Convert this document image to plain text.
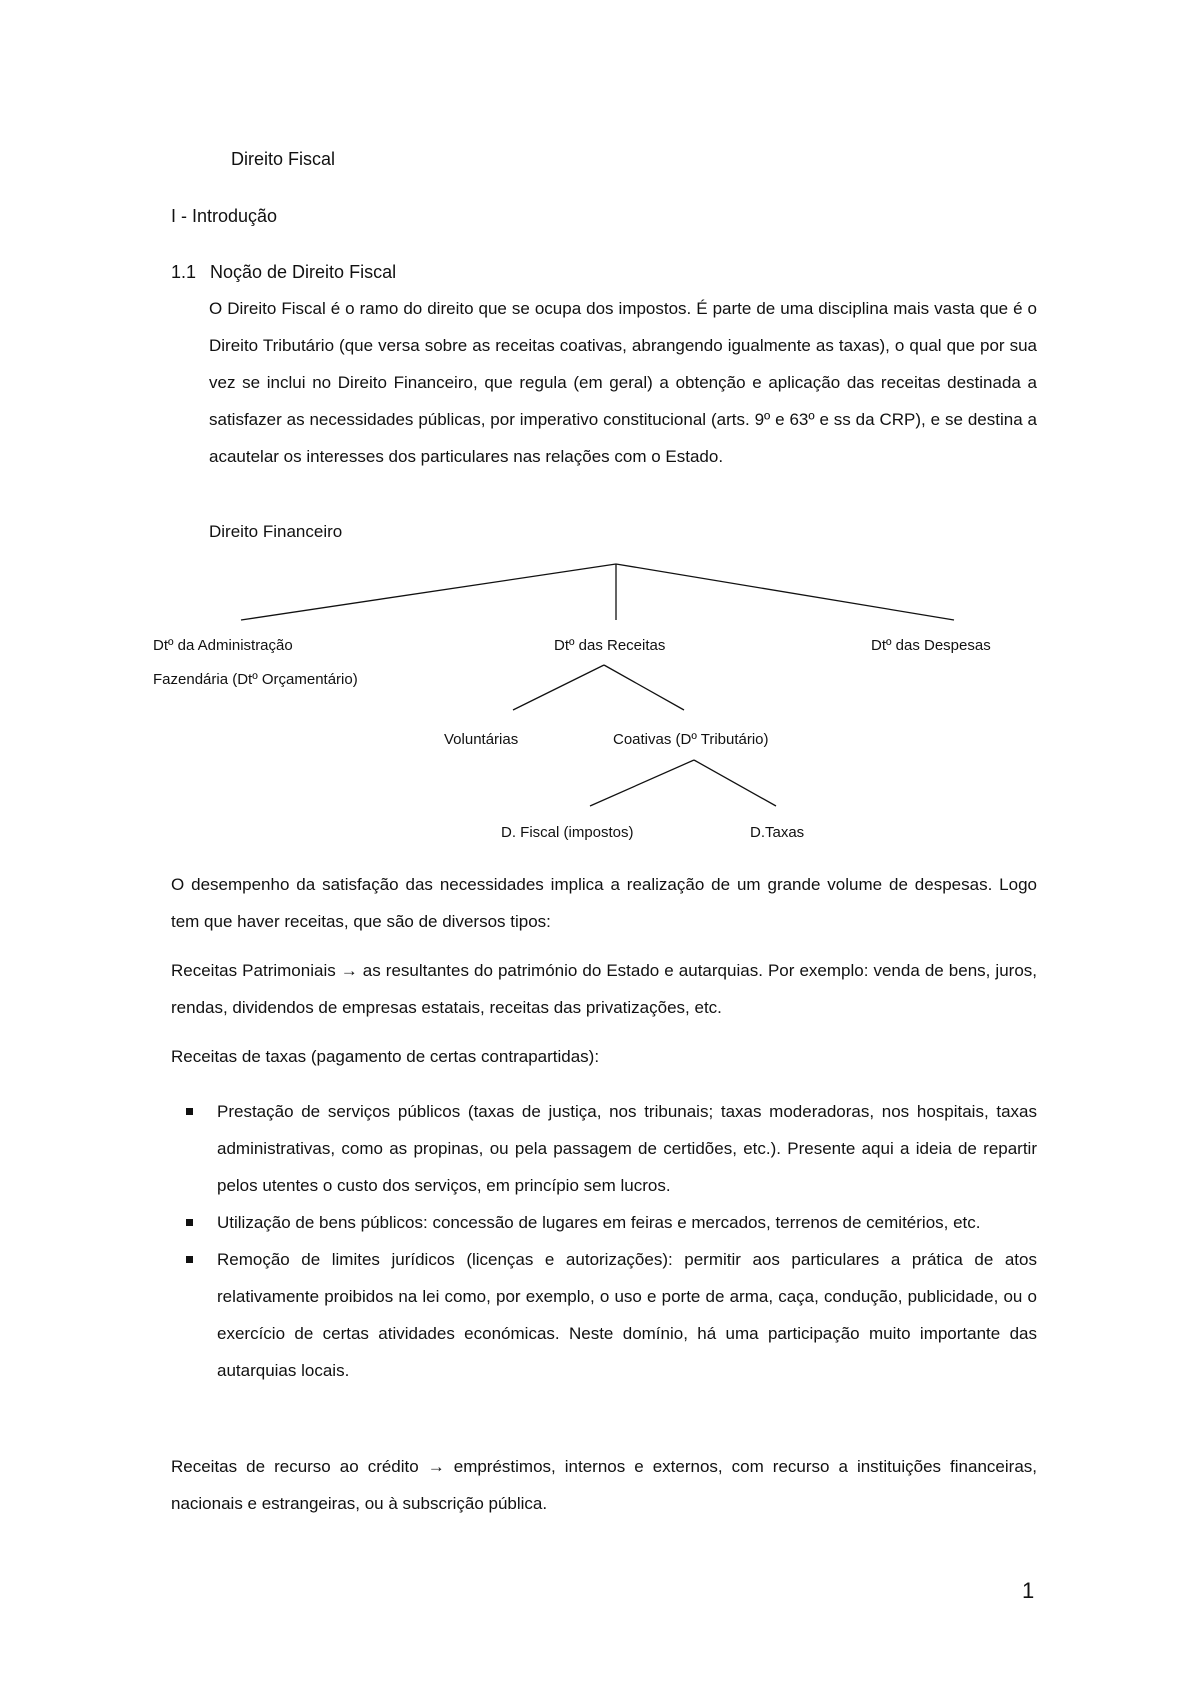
Direito Fiscal
I - Introdução
1.1 Noção de Direito Fiscal
O Direito Fiscal é o ramo do direito que se ocupa dos impostos. É parte de uma disciplina mais vasta que é o Direito Tributário (que versa sobre as receitas coativas, abrangendo igualmente as taxas), o qual que por sua vez se inclui no Direito Financeiro, que regula (em geral) a obtenção e aplicação das receitas destinada a satisfazer as necessidades públicas, por imperativo constitucional (arts. 9º e 63º e ss da CRP), e se destina a acautelar os interesses dos particulares nas relações com o Estado.
Direito Financeiro
Dtº da Administração
Fazendária (Dtº Orçamentário)
Dtº das Receitas	Dtº das Despesas
Voluntárias	Coativas (Dº Tributário)
D. Fiscal (impostos)	D.Taxas
O desempenho da satisfação das necessidades implica a realização de um grande volume de despesas. Logo tem que haver receitas, que são de diversos tipos:
Receitas Patrimoniais → as resultantes do património do Estado e autarquias. Por exemplo: venda de bens, juros, rendas, dividendos de empresas estatais, receitas das privatizações, etc.
Receitas de taxas (pagamento de certas contrapartidas):
Prestação de serviços públicos (taxas de justiça, nos tribunais; taxas moderadoras, nos hospitais, taxas administrativas, como as propinas, ou pela passagem de certidões, etc.). Presente aqui a ideia de repartir pelos utentes o custo dos serviços, em princípio sem lucros.
Utilização de bens públicos: concessão de lugares em feiras e mercados, terrenos de cemitérios, etc.
Remoção de limites jurídicos (licenças e autorizações): permitir aos particulares a prática de atos relativamente proibidos na lei como, por exemplo, o uso e porte de arma, caça, condução, publicidade, ou o exercício de certas atividades económicas. Neste domínio, há uma participação muito importante das autarquias locais.
Receitas de recurso ao crédito → empréstimos, internos e externos, com recurso a instituições financeiras, nacionais e estrangeiras, ou à subscrição pública.
1
